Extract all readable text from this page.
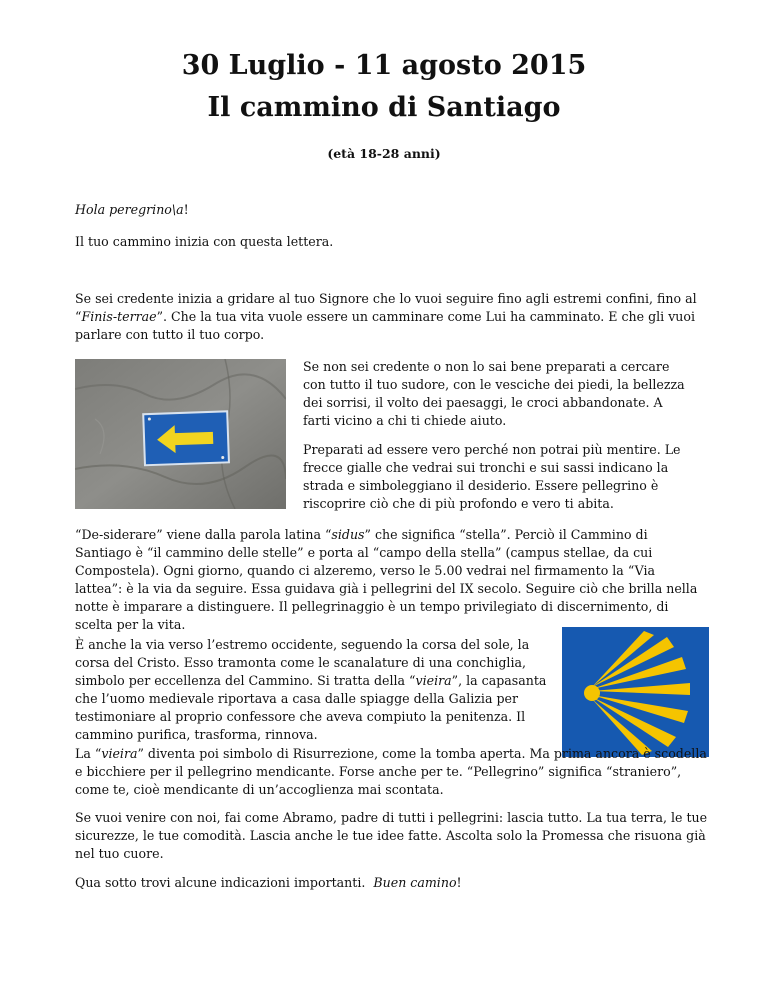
30 Luglio - 11 agosto 2015
Il cammino di Santiago
(età 18-28 anni)

Hola peregrino\a!

Il tuo cammino inizia con questa lettera.

Se sei credente inizia a gridare al tuo Signore che lo vuoi seguire fino agli estremi confini, fino al “Finis-terrae”. Che la tua vita vuole essere un camminare come Lui ha camminato. E che gli vuoi parlare con tutto il tuo corpo.

Se non sei credente o non lo sai bene preparati a cercare con tutto il tuo sudore, con le vesciche dei piedi, la bellezza dei sorrisi, il volto dei paesaggi, le croci abbandonate. A farti vicino a chi ti chiede aiuto.

Preparati ad essere vero perché non potrai più mentire. Le frecce gialle che vedrai sui tronchi e sui sassi indicano la strada e simboleggiano il desiderio. Essere pellegrino è riscoprire ciò che di più profondo e vero ti abita.

“De-siderare” viene dalla parola latina “sidus” che significa “stella”. Perciò il Cammino di Santiago è “il cammino delle stelle” e porta al “campo della stella” (campus stellae, da cui Compostela). Ogni giorno, quando ci alzeremo, verso le 5.00 vedrai nel firmamento la “Via lattea”: è la via da seguire. Essa guidava già i pellegrini del IX secolo. Seguire ciò che brilla nella notte è imparare a distinguere. Il pellegrinaggio è un tempo privilegiato di discernimento, di scelta per la vita.

È anche la via verso l’estremo occidente, seguendo la corsa del sole, la corsa del Cristo. Esso tramonta come le scanalature di una conchiglia, simbolo per eccellenza del Cammino. Si tratta della “vieira”, la capasanta che l’uomo medievale riportava a casa dalle spiagge della Galizia per testimoniare al proprio confessore che aveva compiuto la penitenza. Il cammino purifica, trasforma, rinnova.

La “vieira” diventa poi simbolo di Risurrezione, come la tomba aperta. Ma prima ancora è scodella e bicchiere per il pellegrino mendicante. Forse anche per te. “Pellegrino” significa “straniero”, come te, cioè mendicante di un’accoglienza mai scontata.

Se vuoi venire con noi, fai come Abramo, padre di tutti i pellegrini: lascia tutto. La tua terra, le tue sicurezze, le tue comodità. Lascia anche le tue idee fatte. Ascolta solo la Promessa che risuona già nel tuo cuore.

Qua sotto trovi alcune indicazioni importanti.  Buen camino!
